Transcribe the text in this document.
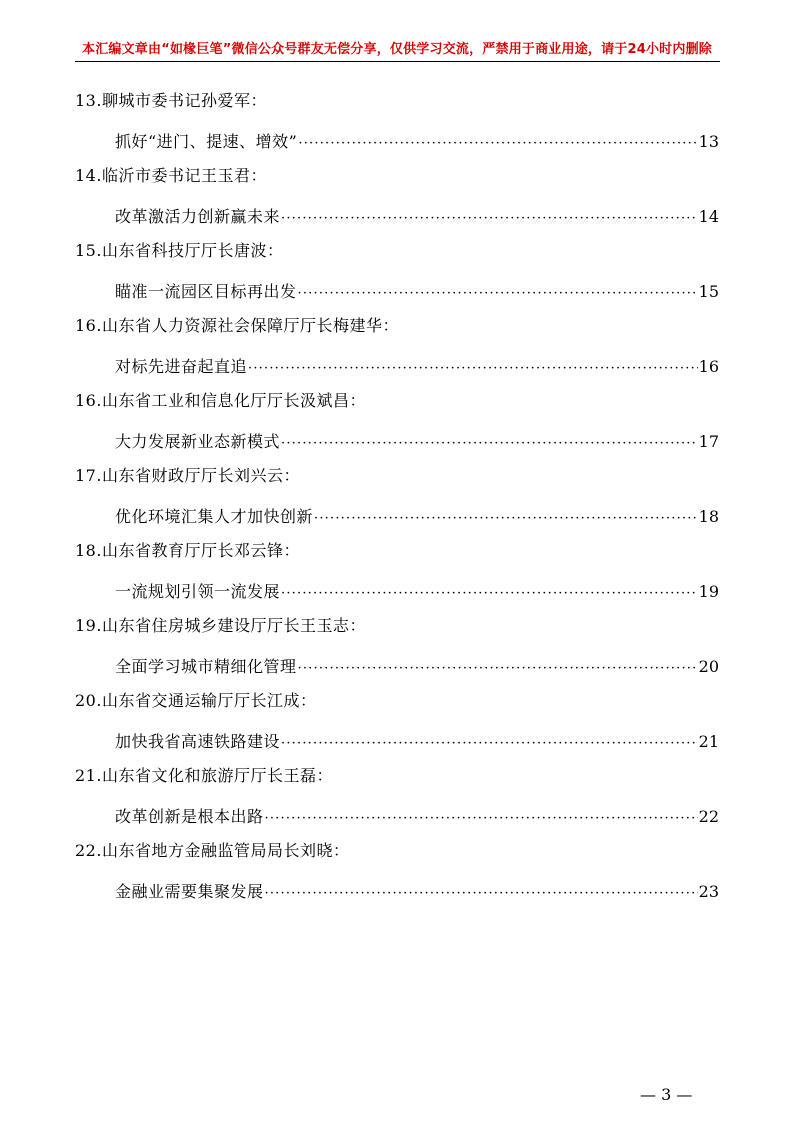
本汇编文章由“如椽巨笔”微信公众号群友无偿分享，仅供学习交流，严禁用于商业用途，请于24小时内删除
13.聊城市委书记孙爱军：
抓好“进门、提速、增效” ·····	13
14.临沂市委书记王玉君：
改革激活力创新赢未来 ·····	14
15.山东省科技厅厅长唐波：
瞄准一流园区目标再出发 ·····	15
16.山东省人力资源社会保障厅厅长梅建华：
对标先进奋起直追 ·····	16
16.山东省工业和信息化厅厅长汲斌昌：
大力发展新业态新模式 ·····	17
17.山东省财政厅厅长刘兴云：
优化环境汇集人才加快创新 ·····	18
18.山东省教育厅厅长邓云锋：
一流规划引领一流发展 ·····	19
19.山东省住房城乡建设厅厅长王玉志：
全面学习城市精细化管理 ·····	20
20.山东省交通运输厅厅长江成：
加快我省高速铁路建设 ·····	21
21.山东省文化和旅游厅厅长王磊：
改革创新是根本出路 ·····	22
22.山东省地方金融监管局局长刘晓：
金融业需要集聚发展 ·····	23
— 3 —
